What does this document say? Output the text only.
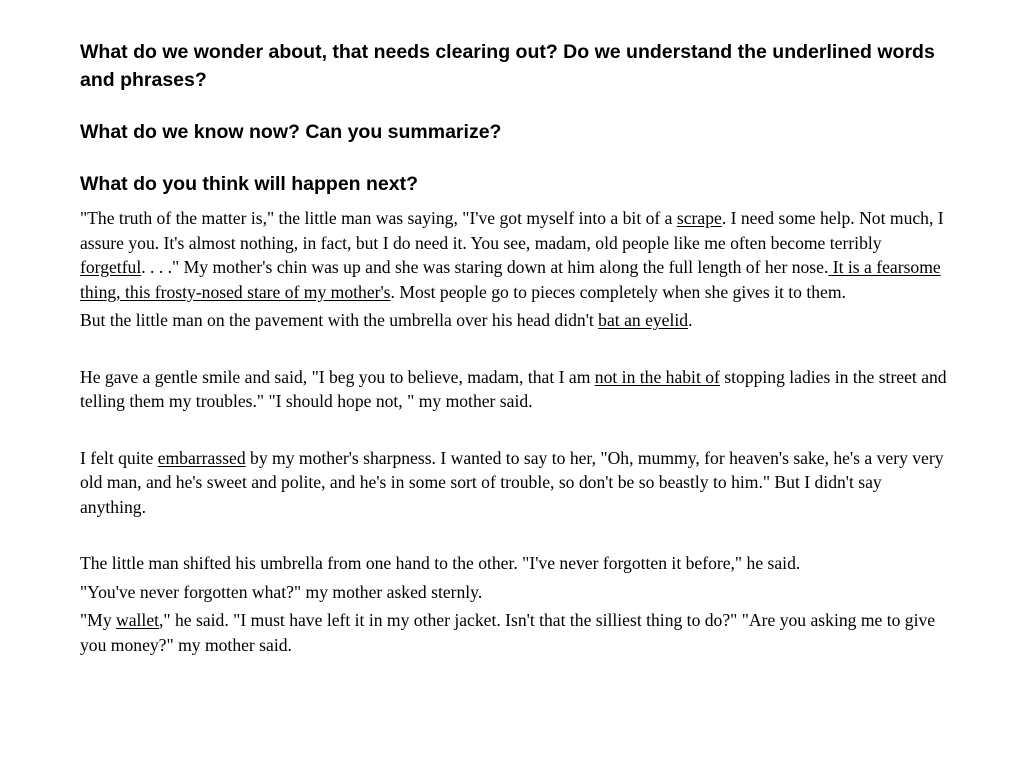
What do we wonder about, that needs clearing out? Do we understand the underlined words and phrases?

What do we know now? Can you summarize?

What do you think will happen next?

"The truth of the matter is," the little man was saying, "I've got myself into a bit of a scrape. I need some help. Not much, I assure you. It's almost nothing, in fact, but I do need it. You see, madam, old people like me often become terribly forgetful. . . ." My mother's chin was up and she was staring down at him along the full length of her nose. It is a fearsome thing, this frosty-nosed stare of my mother's. Most people go to pieces completely when she gives it to them.

But the little man on the pavement with the umbrella over his head didn't bat an eyelid.

He gave a gentle smile and said, "I beg you to believe, madam, that I am not in the habit of stopping ladies in the street and telling them my troubles." "I should hope not, " my mother said.

I felt quite embarrassed by my mother's sharpness. I wanted to say to her, "Oh, mummy, for heaven's sake, he's a very very old man, and he's sweet and polite, and he's in some sort of trouble, so don't be so beastly to him." But I didn't say anything.

The little man shifted his umbrella from one hand to the other. "I've never forgotten it before," he said.

"You've never forgotten what?" my mother asked sternly.

"My wallet," he said. "I must have left it in my other jacket. Isn't that the silliest thing to do?" "Are you asking me to give you money?" my mother said.
